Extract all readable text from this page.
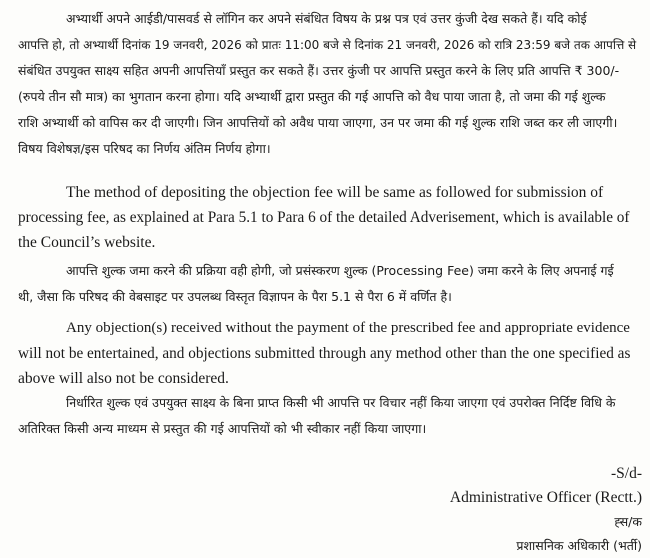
अभ्यार्थी अपने आईडी/पासवर्ड से लॉगिन कर अपने संबंधित विषय के प्रश्न पत्र एवं उत्तर कुंजी देख सकते हैं। यदि कोई
आपत्ति हो, तो अभ्यार्थी दिनांक 19 जनवरी, 2026 को प्रातः 11:00 बजे से दिनांक 21 जनवरी, 2026 को रात्रि 23:59 बजे तक आपत्ति से
संबंधित उपयुक्त साक्ष्य सहित अपनी आपत्तियाँ प्रस्तुत कर सकते हैं। उत्तर कुंजी पर आपत्ति प्रस्तुत करने के लिए प्रति आपत्ति ₹ 300/-
(रुपये तीन सौ मात्र) का भुगतान करना होगा। यदि अभ्यार्थी द्वारा प्रस्तुत की गई आपत्ति को वैध पाया जाता है, तो जमा की गई शुल्क
राशि अभ्यार्थी को वापिस कर दी जाएगी। जिन आपत्तियों को अवैध पाया जाएगा, उन पर जमा की गई शुल्क राशि जब्त कर ली जाएगी।
विषय विशेषज्ञ/इस परिषद का निर्णय अंतिम निर्णय होगा।
The method of depositing the objection fee will be same as followed for submission of
processing fee, as explained at Para 5.1 to Para 6 of the detailed Adverisement, which is available of
the Council’s website.
आपत्ति शुल्क जमा करने की प्रक्रिया वही होगी, जो प्रसंस्करण शुल्क (Processing Fee) जमा करने के लिए अपनाई गई
थी, जैसा कि परिषद की वेबसाइट पर उपलब्ध विस्तृत विज्ञापन के पैरा 5.1 से पैरा 6 में वर्णित है।
Any objection(s) received without the payment of the prescribed fee and appropriate evidence
will not be entertained, and objections submitted through any method other than the one specified as
above will also not be considered.
निर्धारित शुल्क एवं उपयुक्त साक्ष्य के बिना प्राप्त किसी भी आपत्ति पर विचार नहीं किया जाएगा एवं उपरोक्त निर्दिष्ट विधि के
अतिरिक्त किसी अन्य माध्यम से प्रस्तुत की गई आपत्तियों को भी स्वीकार नहीं किया जाएगा।
-S/d-
Administrative Officer (Rectt.)
ह्स/क
प्रशासनिक अधिकारी (भर्ती)
